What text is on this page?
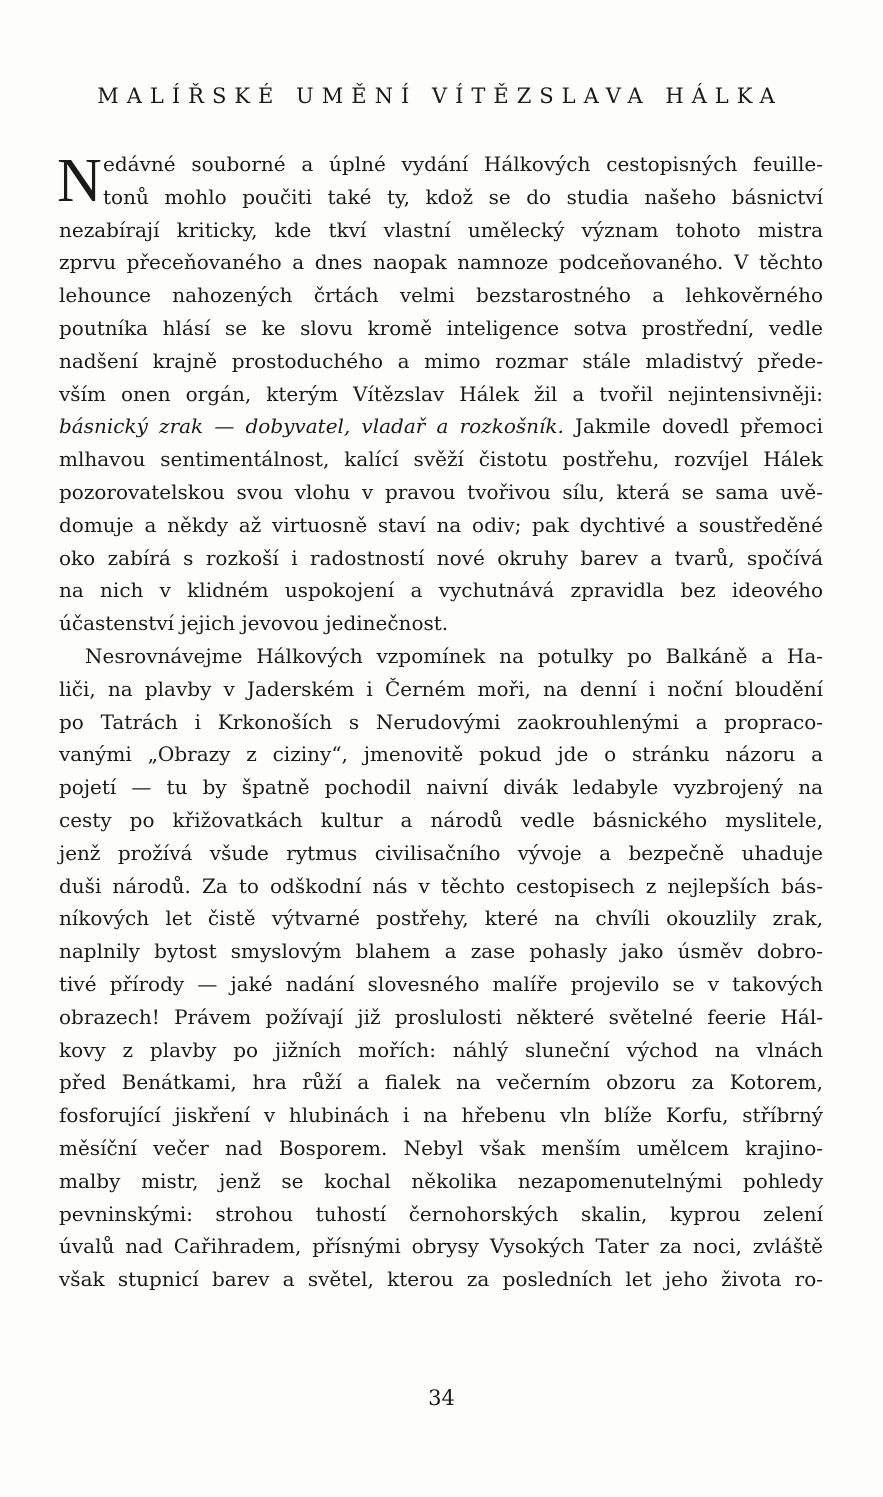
MALÍŘSKÉ UMĚNÍ VÍTĚZSLAVA HÁLKA
N edávné souborné a úplné vydání Hálkových cestopisných feuille-
tonů mohlo poučiti také ty, kdož se do studia našeho básnictví
nezabírají kriticky, kde tkví vlastní umělecký význam tohoto mistra
zprvu přeceňovaného a dnes naopak namnoze podceňovaného. V těchto
lehounce nahozených črtách velmi bezstarostného a lehkověrného
poutníka hlásí se ke slovu kromě inteligence sotva prostřední, vedle
nadšení krajně prostoduchého a mimo rozmar stále mladistvý přede-
vším onen orgán, kterým Vítězslav Hálek žil a tvořil nejintensivněji:
básnický zrak — dobyvatel, vladař a rozkošník. Jakmile dovedl přemoci
mlhavou sentimentálnost, kalící svěží čistotu postřehu, rozvíjel Hálek
pozorovatelskou svou vlohu v pravou tvořivou sílu, která se sama uvě-
domuje a někdy až virtuosně staví na odiv; pak dychtivé a soustředěné
oko zabírá s rozkoší i radostností nové okruhy barev a tvarů, spočívá
na nich v klidném uspokojení a vychutnává zpravidla bez ideového
účastenství jejich jevovou jedinečnost.
Nesrovnávejme Hálkových vzpomínek na potulky po Balkáně a Ha-
liči, na plavby v Jaderském i Černém moři, na denní i noční bloudění
po Tatrách i Krkonoších s Nerudovými zaokrouhlenými a propraco-
vanými „Obrazy z ciziny“, jmenovitě pokud jde o stránku názoru a
pojetí — tu by špatně pochodil naivní divák ledabyle vyzbrojený na
cesty po křižovatkách kultur a národů vedle básnického myslitele,
jenž prožívá všude rytmus civilisačního vývoje a bezpečně uhaduje
duši národů. Za to odškodní nás v těchto cestopisech z nejlepších bás-
níkových let čistě výtvarné postřehy, které na chvíli okouzlily zrak,
naplnily bytost smyslovým blahem a zase pohasly jako úsměv dobro-
tivé přírody — jaké nadání slovesného malíře projevilo se v takových
obrazech! Právem požívají již proslulosti některé světelné feerie Hál-
kovy z plavby po jižních mořích: náhlý sluneční východ na vlnách
před Benátkami, hra růží a fialek na večerním obzoru za Kotorem,
fosforující jiskření v hlubinách i na hřebenu vln blíže Korfu, stříbrný
měsíční večer nad Bosporem. Nebyl však menším umělcem krajino-
malby mistr, jenž se kochal několika nezapomenutelnými pohledy
pevninskými: strohou tuhostí černohorských skalin, kyprou zelení
úvalů nad Cařihradem, přísnými obrysy Vysokých Tater za noci, zvláště
však stupnicí barev a světel, kterou za posledních let jeho života ro-
34
